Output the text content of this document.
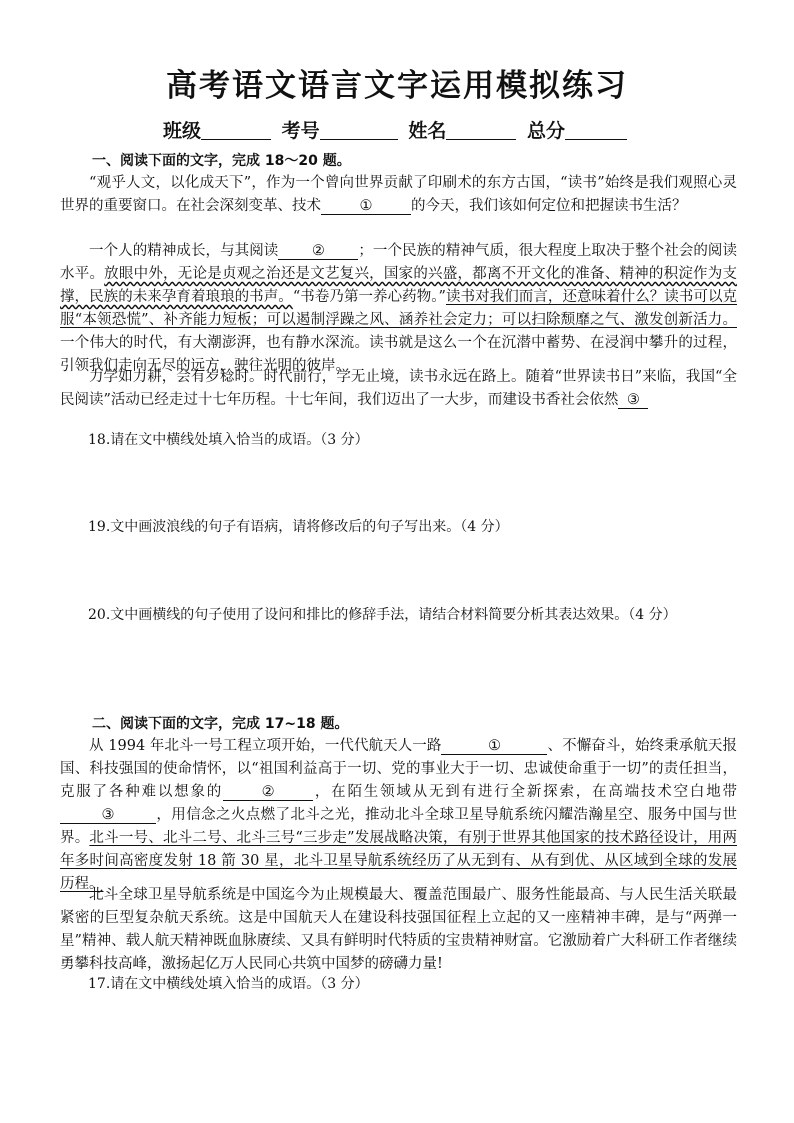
高考语文语言文字运用模拟练习
班级	考号	姓名	总分
一、阅读下面的文字，完成 18～20 题。

“观乎人文，以化成天下”，作为一个曾向世界贡献了印刷术的东方古国，“读书”始终是我们观照心灵世界的重要窗口。在社会深刻变革、技术	①	的今天，我们该如何定位和把握读书生活？

一个人的精神成长，与其阅读 ② ；一个民族的精神气质，很大程度上取决于整个社会的阅读水平。放眼中外，无论是贞观之治还是文艺复兴，国家的兴盛，都离不开文化的准备、精神的积淀作为支撑，民族的未来孕育着琅琅的书声。“书卷乃第一养心药物。”读书对我们而言，还意味着什么？读书可以克服“本领恐慌”、补齐能力短板；可以遏制浮躁之风、涵养社会定力；可以扫除颓靡之气、激发创新活力。一个伟大的时代，有大潮澎湃，也有静水深流。读书就是这么一个在沉潜中蓄势、在浸润中攀升的过程，引领我们走向无尽的远方，驶往光明的彼岸。

力学如力耕，会有岁稔时。时代前行，学无止境，读书永远在路上。随着“世界读书日”来临，我国“全民阅读”活动已经走过十七年历程。十七年间，我们迈出了一大步，而建设书香社会依然 ③

18.请在文中横线处填入恰当的成语。（3 分）

19.文中画波浪线的句子有语病，请将修改后的句子写出来。（4 分）

20.文中画横线的句子使用了设问和排比的修辞手法，请结合材料简要分析其表达效果。（4 分）

二、阅读下面的文字，完成 17~18 题。

从 1994 年北斗一号工程立项开始，一代代航天人一路	①	、不懈奋斗，始终秉承航天报国、科技强国的使命情怀，以“祖国利益高于一切、党的事业大于一切、忠诚使命重于一切”的责任担当，克服了各种难以想象的	②	，在陌生领域从无到有进行全新探索，在高端技术空白地带③	，用信念之火点燃了北斗之光，推动北斗全球卫星导航系统闪耀浩瀚星空、服务中国与世界。北斗一号、北斗二号、北斗三号“三步走”发展战略决策，有别于世界其他国家的技术路径设计，用两年多时间高密度发射 18 箭 30 星，北斗卫星导航系统经历了从无到有、从有到优、从区域到全球的发展历程。

北斗全球卫星导航系统是中国迄今为止规模最大、覆盖范围最广、服务性能最高、与人民生活关联最紧密的巨型复杂航天系统。这是中国航天人在建设科技强国征程上立起的又一座精神丰碑，是与“两弹一星”精神、载人航天精神既血脉赓续、又具有鲜明时代特质的宝贵精神财富。它激励着广大科研工作者继续勇攀科技高峰，激扬起亿万人民同心共筑中国梦的磅礴力量!

17.请在文中横线处填入恰当的成语。（3 分）
